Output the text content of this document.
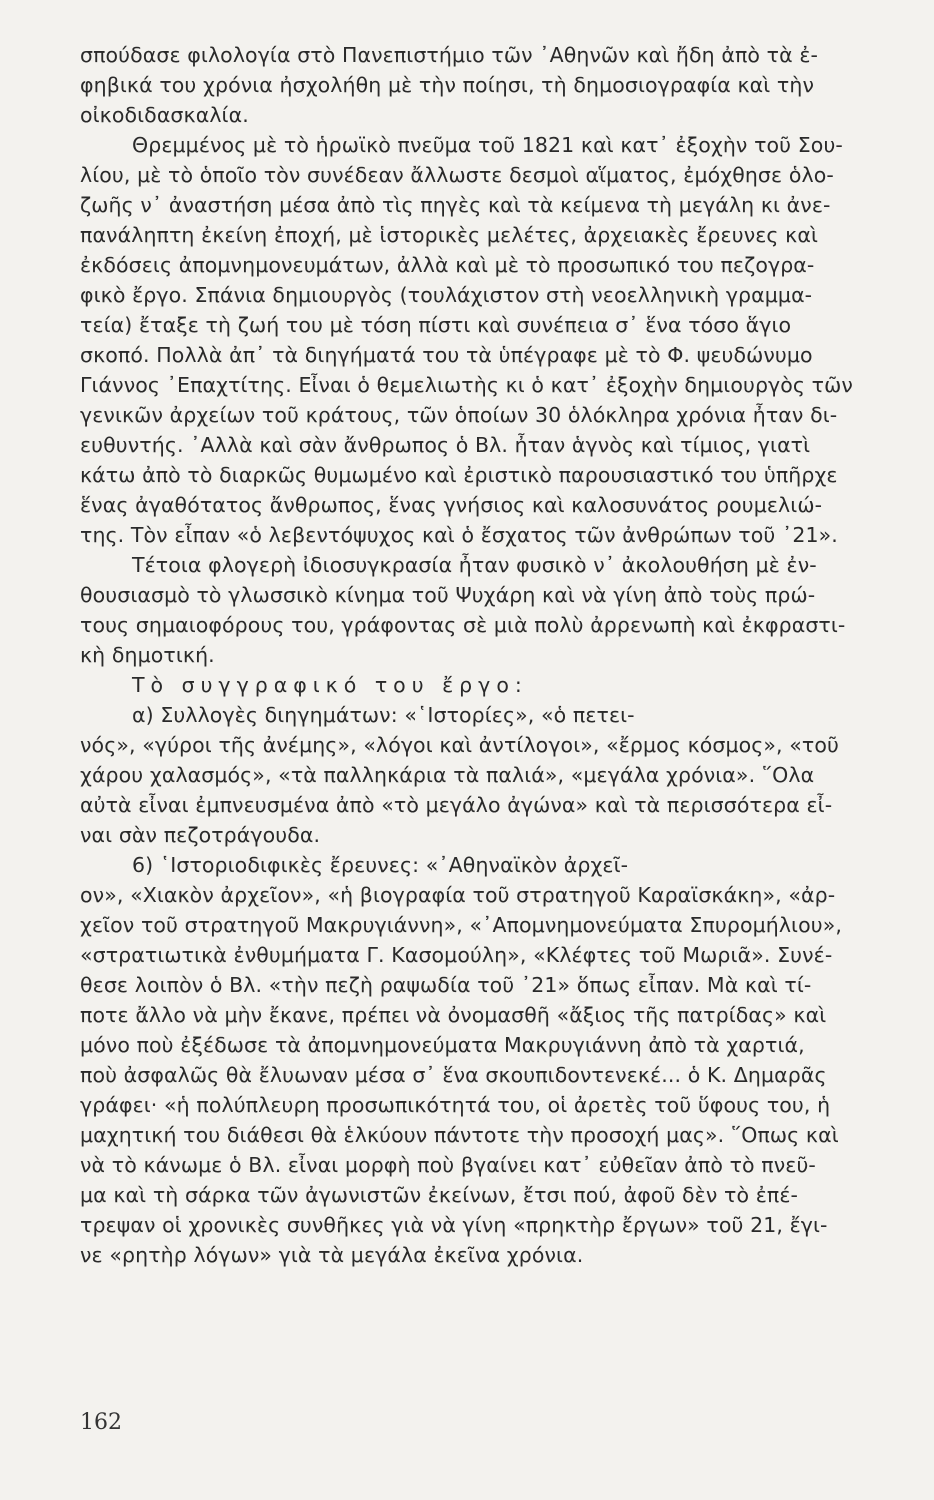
σπούδασε φιλολογία στὸ Πανεπιστήμιο τῶν ᾿Αθηνῶν καὶ ἤδη ἀπὸ τὰ ἐ-
φηβικά του χρόνια ἠσχολήθη μὲ τὴν ποίησι, τὴ δημοσιογραφία καὶ τὴν
οἰκοδιδασκαλία.
Θρεμμένος μὲ τὸ ἡρωϊκὸ πνεῦμα τοῦ 1821 καὶ κατ᾿ ἐξοχὴν τοῦ Σου-
λίου, μὲ τὸ ὁποῖο τὸν συνέδεαν ἄλλωστε δεσμοὶ αἵματος, ἐμόχθησε ὁλο-
ζωῆς ν᾿ ἀναστήση μέσα ἀπὸ τὶς πηγὲς καὶ τὰ κείμενα τὴ μεγάλη κι ἀνε-
πανάληπτη ἐκείνη ἐποχή, μὲ ἱστορικὲς μελέτες, ἀρχειακὲς ἔρευνες καὶ
ἐκδόσεις ἀπομνημονευμάτων, ἀλλὰ καὶ μὲ τὸ προσωπικό του πεζογρα-
φικὸ ἔργο. Σπάνια δημιουργὸς (τουλάχιστον στὴ νεοελληνικὴ γραμμα-
τεία) ἔταξε τὴ ζωή του μὲ τόση πίστι καὶ συνέπεια σ᾿ ἕνα τόσο ἅγιο
σκοπό. Πολλὰ ἀπ᾿ τὰ διηγήματά του τὰ ὑπέγραφε μὲ τὸ Φ. ψευδώνυμο
Γιάννος ᾿Επαχτίτης. Εἶναι ὁ θεμελιωτὴς κι ὁ κατ᾿ ἐξοχὴν δημιουργὸς τῶν
γενικῶν ἀρχείων τοῦ κράτους, τῶν ὁποίων 30 ὁλόκληρα χρόνια ἦταν δι-
ευθυντής. ᾿Αλλὰ καὶ σὰν ἄνθρωπος ὁ Βλ. ἦταν ἁγνὸς καὶ τίμιος, γιατὶ
κάτω ἀπὸ τὸ διαρκῶς θυμωμένο καὶ ἐριστικὸ παρουσιαστικό του ὑπῆρχε
ἕνας ἀγαθότατος ἄνθρωπος, ἕνας γνήσιος καὶ καλοσυνάτος ρουμελιώ-
της. Τὸν εἶπαν «ὁ λεβεντόψυχος καὶ ὁ ἔσχατος τῶν ἀνθρώπων τοῦ ᾿21».
Τέτοια φλογερὴ ἰδιοσυγκρασία ἦταν φυσικὸ ν᾿ ἀκολουθήση μὲ ἐν-
θουσιασμὸ τὸ γλωσσικὸ κίνημα τοῦ Ψυχάρη καὶ νὰ γίνη ἀπὸ τοὺς πρώ-
τους σημαιοφόρους του, γράφοντας σὲ μιὰ πολὺ ἀρρενωπὴ καὶ ἐκφραστι-
κὴ δημοτική.
Τὸ συγγραφικό του ἔργο:
α) Συλλογὲς διηγημάτων: «῾Ιστορίες», «ὁ πετει-
νός», «γύροι τῆς ἀνέμης», «λόγοι καὶ ἀντίλογοι», «ἔρμος κόσμος», «τοῦ
χάρου χαλασμός», «τὰ παλληκάρια τὰ παλιά», «μεγάλα χρόνια». ῞Ολα
αὐτὰ εἶναι ἐμπνευσμένα ἀπὸ «τὸ μεγάλο ἀγώνα» καὶ τὰ περισσότερα εἶ-
ναι σὰν πεζοτράγουδα.
6) ῾Ιστοριοδιφικὲς ἔρευνες: «᾿Αθηναϊκὸν ἀρχεῖ-
ον», «Χιακὸν ἀρχεῖον», «ἡ βιογραφία τοῦ στρατηγοῦ Καραϊσκάκη», «ἀρ-
χεῖον τοῦ στρατηγοῦ Μακρυγιάννη», «᾿Απομνημονεύματα Σπυρομήλιου»,
«στρατιωτικὰ ἐνθυμήματα Γ. Κασομούλη», «Κλέφτες τοῦ Μωριᾶ». Συνέ-
θεσε λοιπὸν ὁ Βλ. «τὴν πεζὴ ραψωδία τοῦ ᾿21» ὅπως εἶπαν. Μὰ καὶ τί-
ποτε ἄλλο νὰ μὴν ἔκανε, πρέπει νὰ ὀνομασθῆ «ἄξιος τῆς πατρίδας» καὶ
μόνο ποὺ ἐξέδωσε τὰ ἀπομνημονεύματα Μακρυγιάννη ἀπὸ τὰ χαρτιά,
ποὺ ἀσφαλῶς θὰ ἔλυωναν μέσα σ᾿ ἕνα σκουπιδοντενεκέ... ὁ Κ. Δημαρᾶς
γράφει· «ἡ πολύπλευρη προσωπικότητά του, οἱ ἀρετὲς τοῦ ὕφους του, ἡ
μαχητική του διάθεσι θὰ ἑλκύουν πάντοτε τὴν προσοχή μας». ῞Οπως καὶ
νὰ τὸ κάνωμε ὁ Βλ. εἶναι μορφὴ ποὺ βγαίνει κατ᾿ εὐθεῖαν ἀπὸ τὸ πνεῦ-
μα καὶ τὴ σάρκα τῶν ἀγωνιστῶν ἐκείνων, ἔτσι πού, ἀφοῦ δὲν τὸ ἐπέ-
τρεψαν οἱ χρονικὲς συνθῆκες γιὰ νὰ γίνη «πρηκτὴρ ἔργων» τοῦ 21, ἔγι-
νε «ρητὴρ λόγων» γιὰ τὰ μεγάλα ἐκεῖνα χρόνια.
162
